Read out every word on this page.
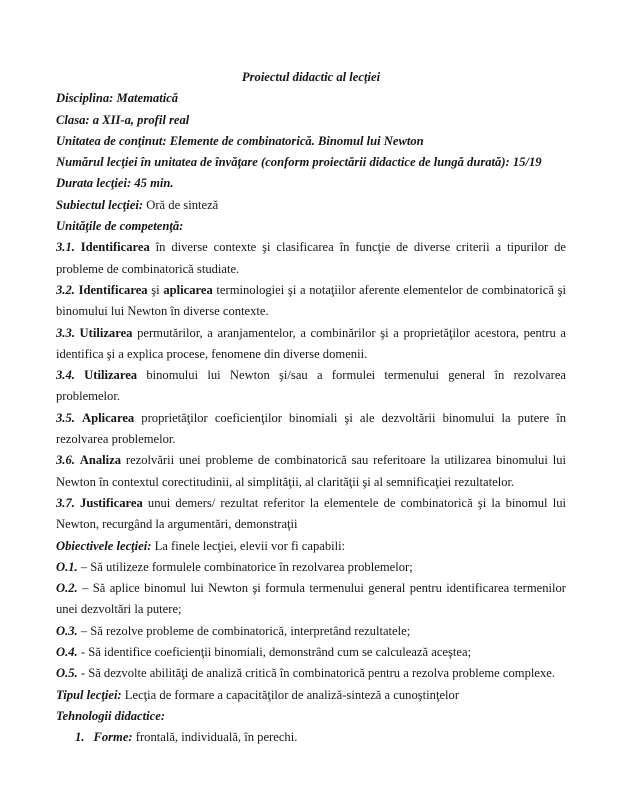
Proiectul didactic al lecţiei

Disciplina: Matematică

Clasa: a XII-a, profil real

Unitatea de conţinut: Elemente de combinatorică. Binomul lui Newton

Numărul lecţiei în unitatea de învăţare (conform proiectării didactice de lungă durată): 15/19

Durata lecţiei: 45 min.

Subiectul lecţiei: Oră de sinteză

Unităţile de competenţă:

3.1. Identificarea în diverse contexte şi clasificarea în funcţie de diverse criterii a tipurilor de probleme de combinatorică studiate.

3.2. Identificarea şi aplicarea terminologiei şi a notaţiilor aferente elementelor de combinatorică şi binomului lui Newton în diverse contexte.

3.3. Utilizarea permutărilor, a aranjamentelor, a combinărilor şi a proprietăţilor acestora, pentru a identifica şi a explica procese, fenomene din diverse domenii.

3.4. Utilizarea binomului lui Newton şi/sau a formulei termenului general în rezolvarea problemelor.

3.5. Aplicarea proprietăţilor coeficienţilor binomiali şi ale dezvoltării binomului la putere în rezolvarea problemelor.

3.6. Analiza rezolvării unei probleme de combinatorică sau referitoare la utilizarea binomului lui Newton în contextul corectitudinii, al simplităţii, al clarităţii şi al semnificaţiei rezultatelor.

3.7. Justificarea unui demers/ rezultat referitor la elementele de combinatorică şi la binomul lui Newton, recurgând la argumentări, demonstraţii

Obiectivele lecţiei: La finele lecţiei, elevii vor fi capabili:

O.1. – Să utilizeze formulele combinatorice în rezolvarea problemelor;

O.2. – Să aplice binomul lui Newton şi formula termenului general pentru identificarea termenilor unei dezvoltări la putere;

O.3. – Să rezolve probleme de combinatorică, interpretând rezultatele;

O.4. - Să identifice coeficienţii binomiali, demonstrând cum se calculează aceştea;

O.5. - Să dezvolte abilităţi de analiză critică în combinatorică pentru a rezolva probleme complexe.

Tipul lecţiei: Lecţia de formare a capacităţilor de analiză-sinteză a cunoştinţelor

Tehnologii didactice:

1. Forme: frontală, individuală, în perechi.
